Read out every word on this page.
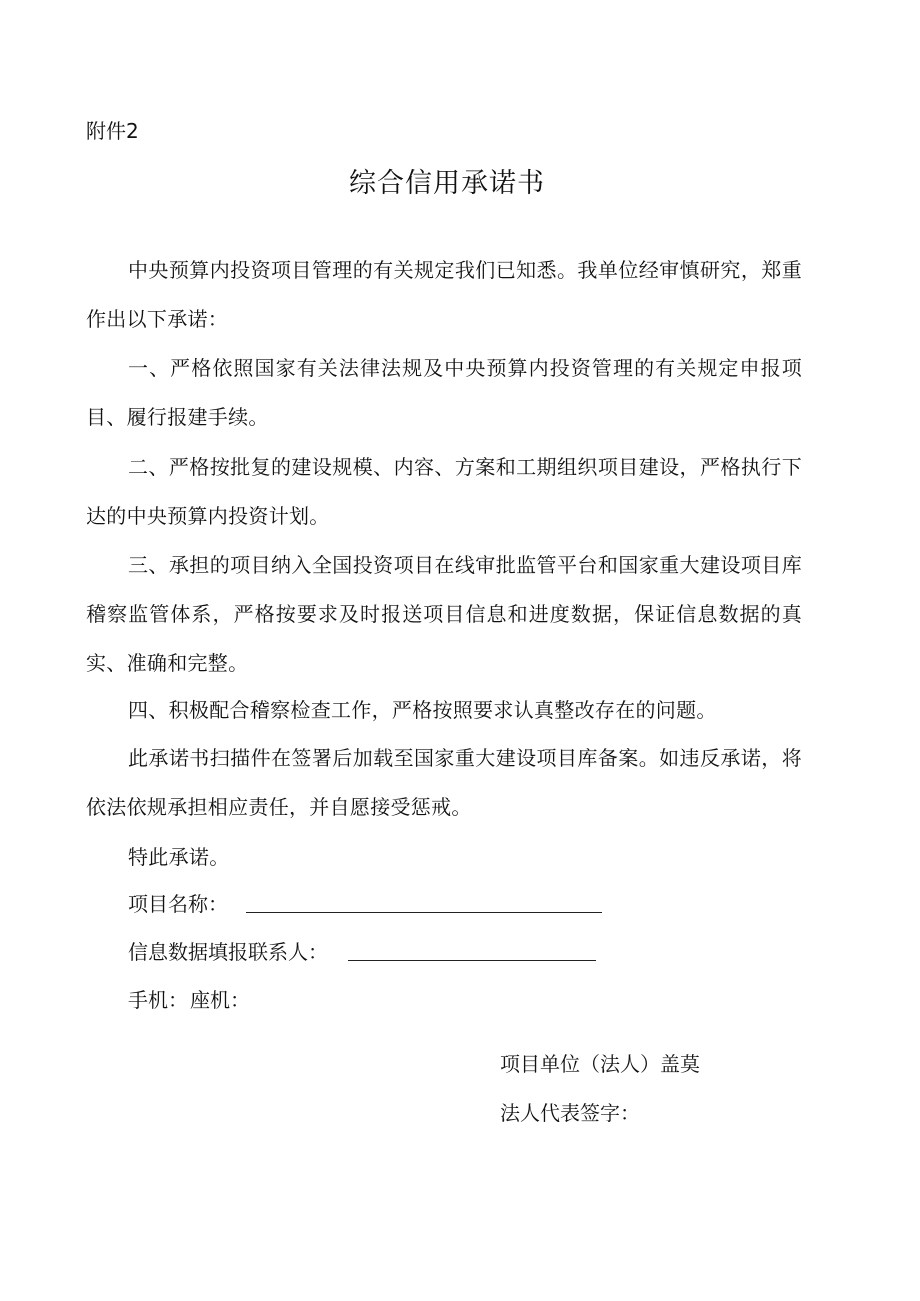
附件2
综合信用承诺书

中央预算内投资项目管理的有关规定我们已知悉。我单位经审慎研究，郑重作出以下承诺：

一、严格依照国家有关法律法规及中央预算内投资管理的有关规定申报项目、履行报建手续。

二、严格按批复的建设规模、内容、方案和工期组织项目建设，严格执行下达的中央预算内投资计划。

三、承担的项目纳入全国投资项目在线审批监管平台和国家重大建设项目库稽察监管体系，严格按要求及时报送项目信息和进度数据，保证信息数据的真实、准确和完整。

四、积极配合稽察检查工作，严格按照要求认真整改存在的问题。

此承诺书扫描件在签署后加载至国家重大建设项目库备案。如违反承诺，将依法依规承担相应责任，并自愿接受惩戒。

特此承诺。

项目名称：
信息数据填报联系人：
手机： 座机：
项目单位（法人）盖莫
法人代表签字：
